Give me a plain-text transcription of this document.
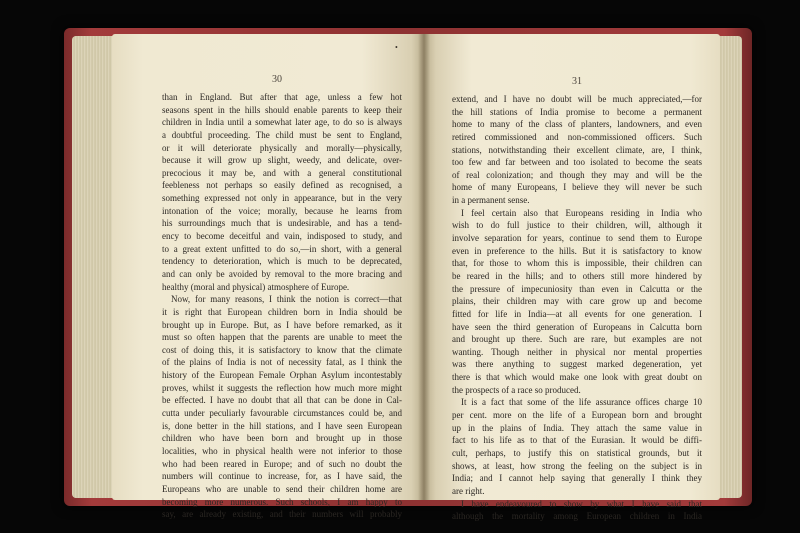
30
than in England. But after that age, unless a few hot
seasons spent in the hills should enable parents to keep their
children in India until a somewhat later age, to do so is always
a doubtful proceeding. The child must be sent to England,
or it will deteriorate physically and morally—physically,
because it will grow up slight, weedy, and delicate, over-
precocious it may be, and with a general constitutional
feebleness not perhaps so easily defined as recognised, a
something expressed not only in appearance, but in the very
intonation of the voice; morally, because he learns from
his surroundings much that is undesirable, and has a tend-
ency to become deceitful and vain, indisposed to study, and
to a great extent unfitted to do so,—in short, with a general
tendency to deterioration, which is much to be deprecated,
and can only be avoided by removal to the more bracing and
healthy (moral and physical) atmosphere of Europe.
Now, for many reasons, I think the notion is correct—that
it is right that European children born in India should be
brought up in Europe. But, as I have before remarked, as it
must so often happen that the parents are unable to meet the
cost of doing this, it is satisfactory to know that the climate
of the plains of India is not of necessity fatal, as I think the
history of the European Female Orphan Asylum incontestably
proves, whilst it suggests the reflection how much more might
be effected. I have no doubt that all that can be done in Cal-
cutta under peculiarly favourable circumstances could be, and
is, done better in the hill stations, and I have seen European
children who have been born and brought up in those
localities, who in physical health were not inferior to those
who had been reared in Europe; and of such no doubt the
numbers will continue to increase, for, as I have said, the
Europeans who are unable to send their children home are
becoming more numerous. Such schools, I am happy to
say, are already existing, and their numbers will probably
31
extend, and I have no doubt will be much appreciated,—for
the hill stations of India promise to become a permanent
home to many of the class of planters, landowners, and even
retired commissioned and non-commissioned officers. Such
stations, notwithstanding their excellent climate, are, I think,
too few and far between and too isolated to become the seats
of real colonization; and though they may and will be the
home of many Europeans, I believe they will never be such
in a permanent sense.
I feel certain also that Europeans residing in India who
wish to do full justice to their children, will, although it
involve separation for years, continue to send them to Europe
even in preference to the hills. But it is satisfactory to know
that, for those to whom this is impossible, their children can
be reared in the hills; and to others still more hindered by
the pressure of impecuniosity than even in Calcutta or the
plains, their children may with care grow up and become
fitted for life in India—at all events for one generation. I
have seen the third generation of Europeans in Calcutta born
and brought up there. Such are rare, but examples are not
wanting. Though neither in physical nor mental properties
was there anything to suggest marked degeneration, yet
there is that which would make one look with great doubt on
the prospects of a race so produced.
It is a fact that some of the life assurance offices charge 10
per cent. more on the life of a European born and brought
up in the plains of India. They attach the same value in
fact to his life as to that of the Eurasian. It would be diffi-
cult, perhaps, to justify this on statistical grounds, but it
shows, at least, how strong the feeling on the subject is in
India; and I cannot help saying that generally I think they
are right.
I have endeavoured to show by what I have said that
although the mortality among European children in India
•
